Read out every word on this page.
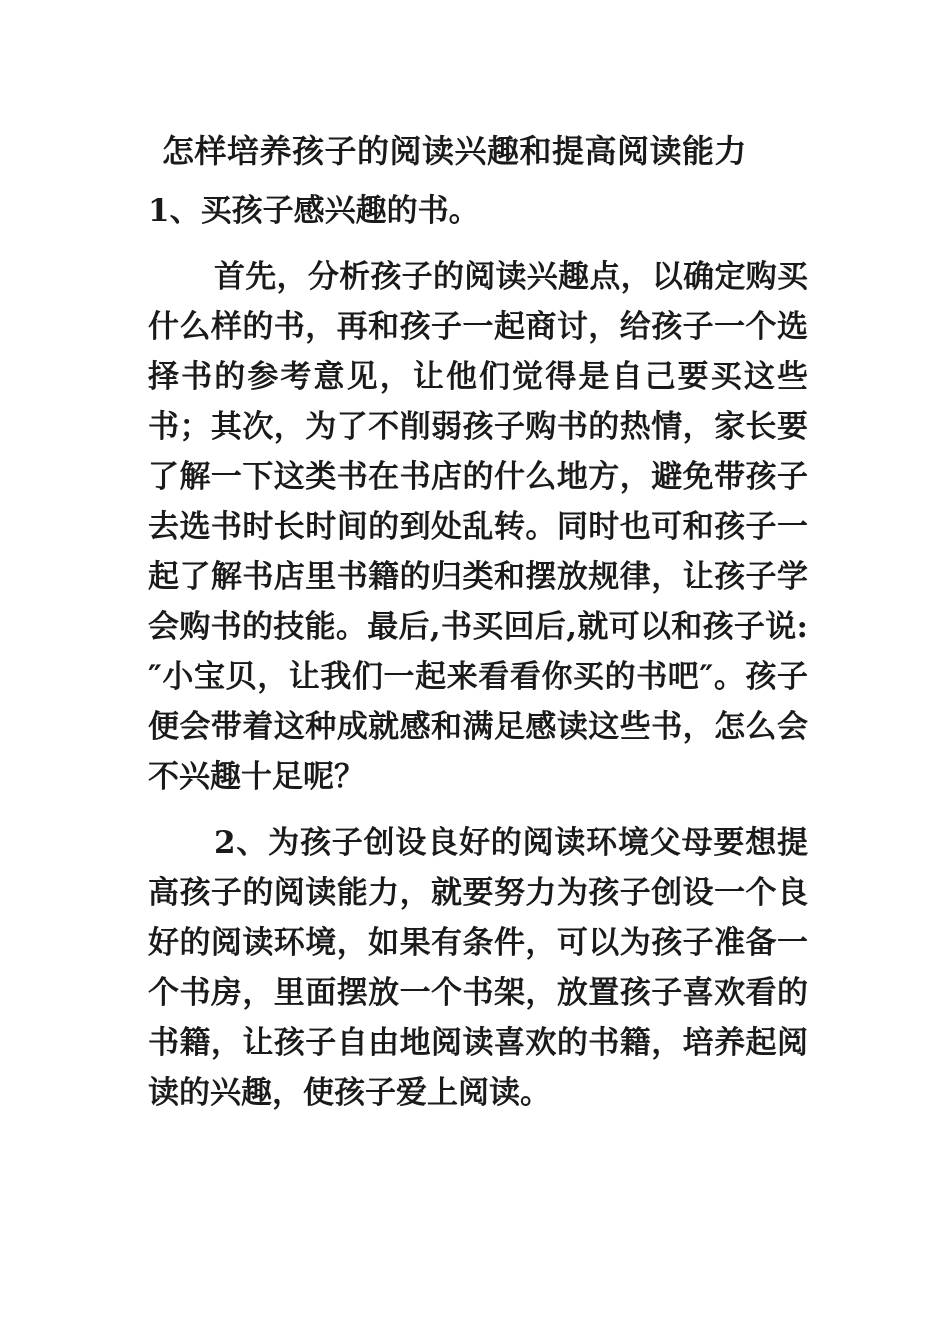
怎样培养孩子的阅读兴趣和提高阅读能力
1、买孩子感兴趣的书。

首先，分析孩子的阅读兴趣点，以确定购买什么样的书，再和孩子一起商讨，给孩子一个选择书的参考意见，让他们觉得是自己要买这些书；其次，为了不削弱孩子购书的热情，家长要了解一下这类书在书店的什么地方，避免带孩子去选书时长时间的到处乱转。同时也可和孩子一起了解书店里书籍的归类和摆放规律，让孩子学会购书的技能。最后,书买回后,就可以和孩子说:″小宝贝，让我们一起来看看你买的书吧″。孩子便会带着这种成就感和满足感读这些书，怎么会不兴趣十足呢？

2、为孩子创设良好的阅读环境父母要想提高孩子的阅读能力，就要努力为孩子创设一个良好的阅读环境，如果有条件，可以为孩子准备一个书房，里面摆放一个书架，放置孩子喜欢看的书籍，让孩子自由地阅读喜欢的书籍，培养起阅读的兴趣，使孩子爱上阅读。
